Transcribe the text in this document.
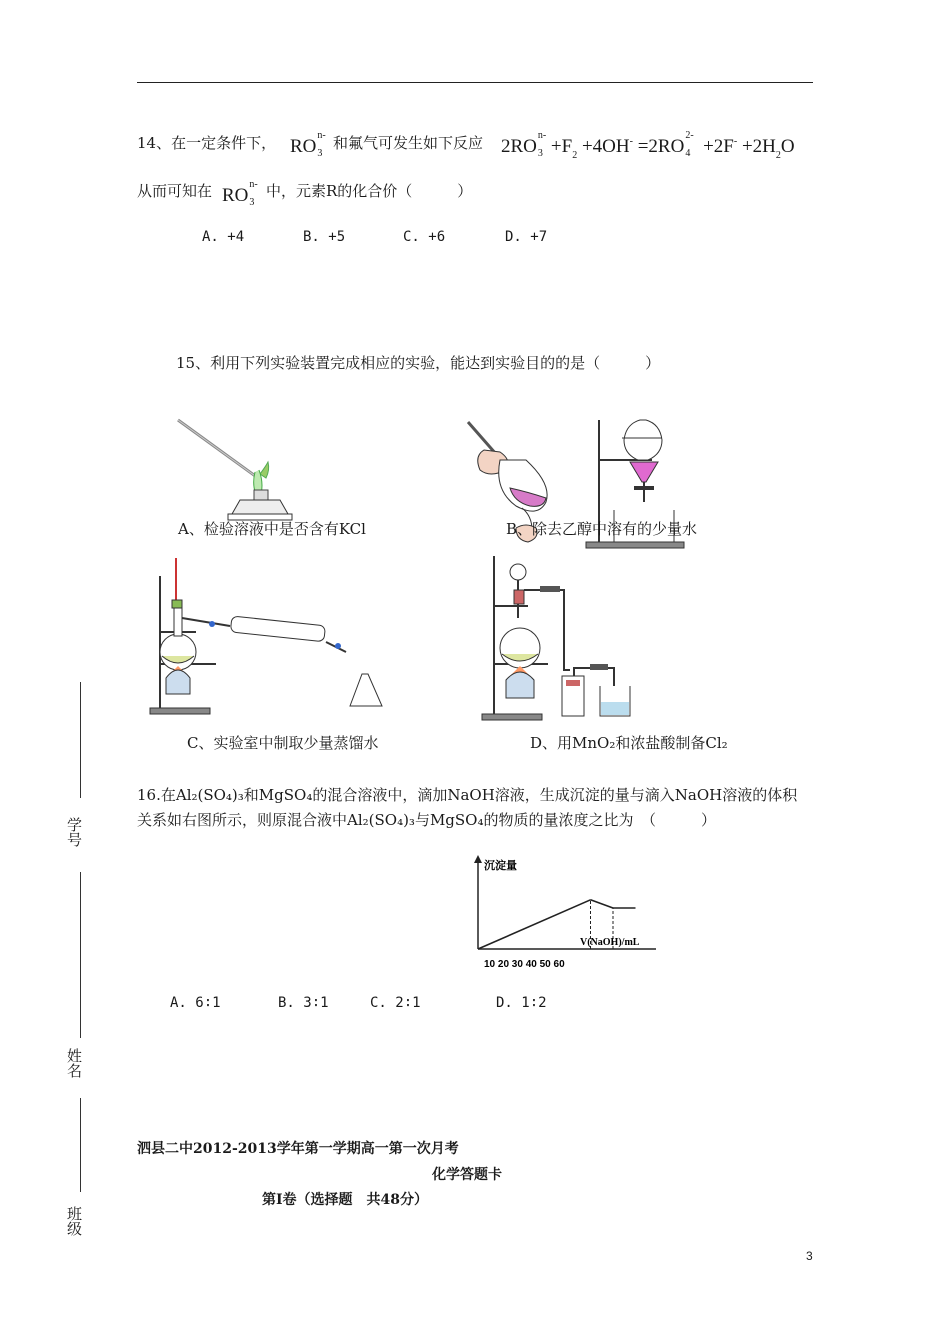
14、在一定条件下， RO
n-
3
和氟气可发生如下反应 2RO
n-
$3 +F_2 +4OH^- =2RO$
2-
$4 +2F^- +2H_2O$
从而可知在 RO
n-
3
中，元素R的化合价（　　　）
A. +4	B. +5	C. +6	D. +7
15、利用下列实验装置完成相应的实验，能达到实验目的的是（　　　）
A、检验溶液中是否含有KCl	B、除去乙醇中溶有的少量水
C、实验室中制取少量蒸馏水	D、用MnO₂和浓盐酸制备Cl₂
16.在Al₂(SO₄)₃和MgSO₄的混合溶液中，滴加NaOH溶液，生成沉淀的量与滴入NaOH溶液的体积
关系如右图所示，则原混合液中Al₂(SO₄)₃与MgSO₄的物质的量浓度之比为　（　　　）
沉淀量
V(NaOH)/mL
10 20 30 40 50 60
A. 6∶1	B. 3∶1	C. 2∶1	D. 1∶2
泗县二中2012-2013学年第一学期高一第一次月考
化学答题卡
第Ⅰ卷（选择题　共48分）
3
学号
姓名
班级
